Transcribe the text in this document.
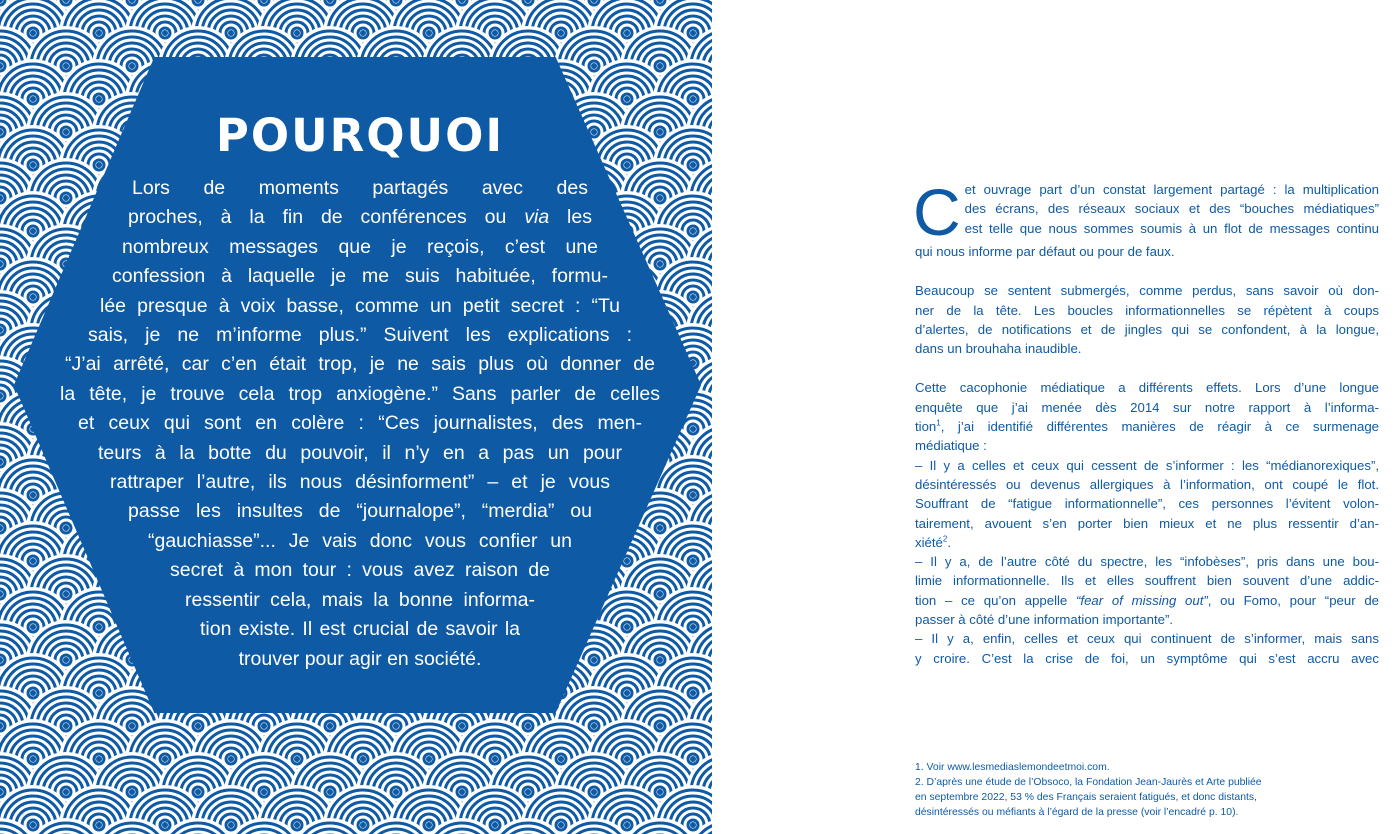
POURQUOI
Lors de moments partagés avec des
proches, à la fin de conférences ou via les
nombreux messages que je reçois, c’est une
confession à laquelle je me suis habituée, formu-
lée presque à voix basse, comme un petit secret : “Tu
sais, je ne m’informe plus.” Suivent les explications :
“J’ai arrêté, car c’en était trop, je ne sais plus où donner de
la tête, je trouve cela trop anxiogène.” Sans parler de celles
et ceux qui sont en colère : “Ces journalistes, des men-
teurs à la botte du pouvoir, il n’y en a pas un pour
rattraper l’autre, ils nous désinforment” – et je vous
passe les insultes de “journalope”, “merdia” ou
“gauchiasse”... Je vais donc vous confier un
secret à mon tour : vous avez raison de
ressentir cela, mais la bonne informa-
tion existe. Il est crucial de savoir la
trouver pour agir en société.
C et ouvrage part d’un constat largement partagé : la multiplication
des écrans, des réseaux sociaux et des “bouches médiatiques”
est telle que nous sommes soumis à un flot de messages continu
qui nous informe par défaut ou pour de faux.
Beaucoup se sentent submergés, comme perdus, sans savoir où don-
ner de la tête. Les boucles informationnelles se répètent à coups
d’alertes, de notifications et de jingles qui se confondent, à la longue,
dans un brouhaha inaudible.
Cette cacophonie médiatique a différents effets. Lors d’une longue
enquête que j’ai menée dès 2014 sur notre rapport à l’informa-
tion$^1$, j’ai identifié différentes manières de réagir à ce surmenage
médiatique :
– Il y a celles et ceux qui cessent de s’informer : les “médianorexiques”,
désintéressés ou devenus allergiques à l’information, ont coupé le flot.
Souffrant de “fatigue informationnelle”, ces personnes l’évitent volon-
tairement, avouent s’en porter bien mieux et ne plus ressentir d’an-
xiété$^2$.
– Il y a, de l’autre côté du spectre, les “infobèses”, pris dans une bou-
limie informationnelle. Ils et elles souffrent bien souvent d’une addic-
tion – ce qu’on appelle “fear of missing out”, ou Fomo, pour “peur de
passer à côté d’une information importante”.
– Il y a, enfin, celles et ceux qui continuent de s’informer, mais sans
y croire. C’est la crise de foi, un symptôme qui s’est accru avec
1. Voir www.lesmediaslemondeetmoi.com.
2. D’après une étude de l’Obsoco, la Fondation Jean-Jaurès et Arte publiée
en septembre 2022, 53 % des Français seraient fatigués, et donc distants,
désintéressés ou méfiants à l’égard de la presse (voir l’encadré p. 10).
